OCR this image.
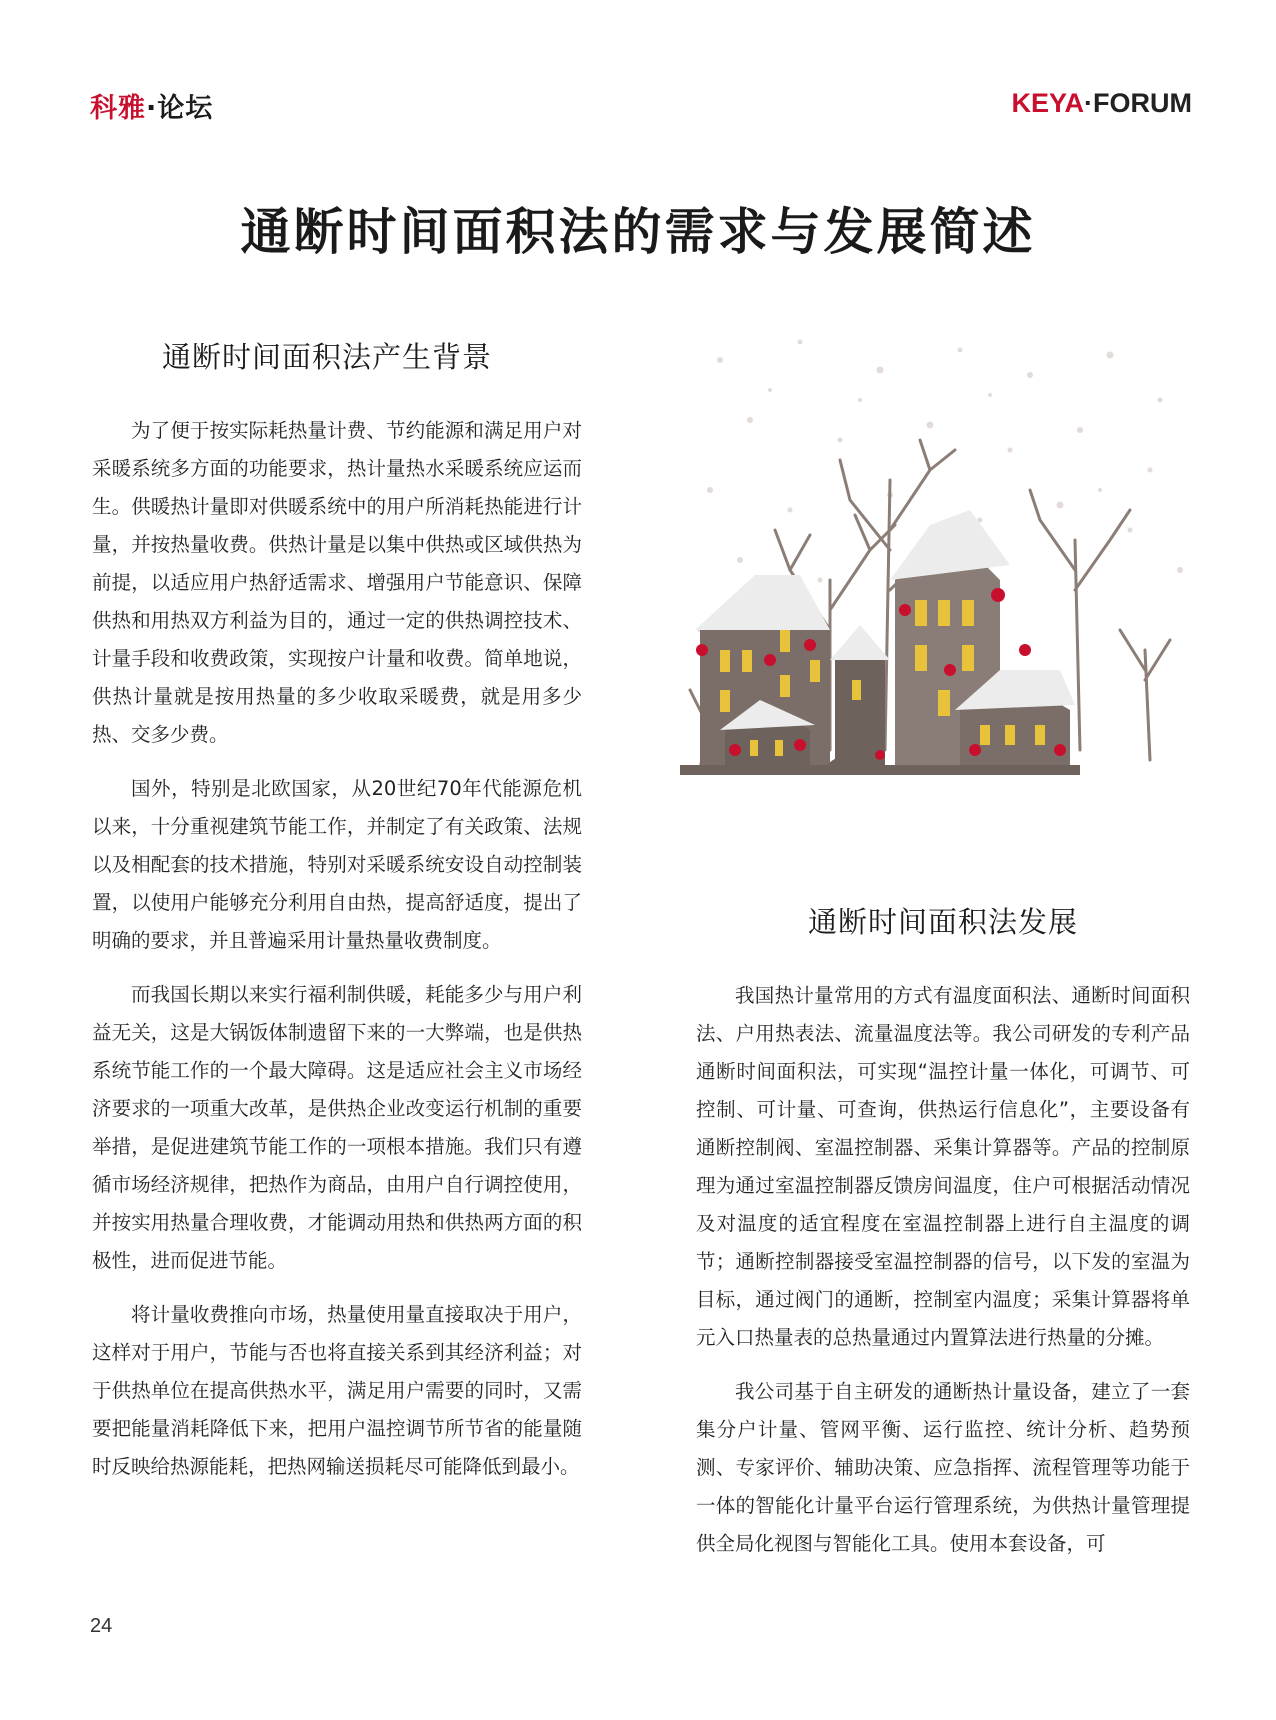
科雅·论坛	KEYA·FORUM
通断时间面积法的需求与发展简述
通断时间面积法产生背景

为了便于按实际耗热量计费、节约能源和满足用户对采暖系统多方面的功能要求，热计量热水采暖系统应运而生。供暖热计量即对供暖系统中的用户所消耗热能进行计量，并按热量收费。供热计量是以集中供热或区域供热为前提，以适应用户热舒适需求、增强用户节能意识、保障供热和用热双方利益为目的，通过一定的供热调控技术、计量手段和收费政策，实现按户计量和收费。简单地说，供热计量就是按用热量的多少收取采暖费，就是用多少热、交多少费。

国外，特别是北欧国家，从20世纪70年代能源危机以来，十分重视建筑节能工作，并制定了有关政策、法规以及相配套的技术措施，特别对采暖系统安设自动控制装置，以使用户能够充分利用自由热，提高舒适度，提出了明确的要求，并且普遍采用计量热量收费制度。

而我国长期以来实行福利制供暖，耗能多少与用户利益无关，这是大锅饭体制遗留下来的一大弊端，也是供热系统节能工作的一个最大障碍。这是适应社会主义市场经济要求的一项重大改革，是供热企业改变运行机制的重要举措，是促进建筑节能工作的一项根本措施。我们只有遵循市场经济规律，把热作为商品，由用户自行调控使用，并按实用热量合理收费，才能调动用热和供热两方面的积极性，进而促进节能。

将计量收费推向市场，热量使用量直接取决于用户，这样对于用户，节能与否也将直接关系到其经济利益；对于供热单位在提高供热水平，满足用户需要的同时，又需要把能量消耗降低下来，把用户温控调节所节省的能量随时反映给热源能耗，把热网输送损耗尽可能降低到最小。

通断时间面积法发展

我国热计量常用的方式有温度面积法、通断时间面积法、户用热表法、流量温度法等。我公司研发的专利产品通断时间面积法，可实现“温控计量一体化，可调节、可控制、可计量、可查询，供热运行信息化”，主要设备有通断控制阀、室温控制器、采集计算器等。产品的控制原理为通过室温控制器反馈房间温度，住户可根据活动情况及对温度的适宜程度在室温控制器上进行自主温度的调节；通断控制器接受室温控制器的信号，以下发的室温为目标，通过阀门的通断，控制室内温度；采集计算器将单元入口热量表的总热量通过内置算法进行热量的分摊。

我公司基于自主研发的通断热计量设备，建立了一套集分户计量、管网平衡、运行监控、统计分析、趋势预测、专家评价、辅助决策、应急指挥、流程管理等功能于一体的智能化计量平台运行管理系统，为供热计量管理提供全局化视图与智能化工具。使用本套设备，可

24
